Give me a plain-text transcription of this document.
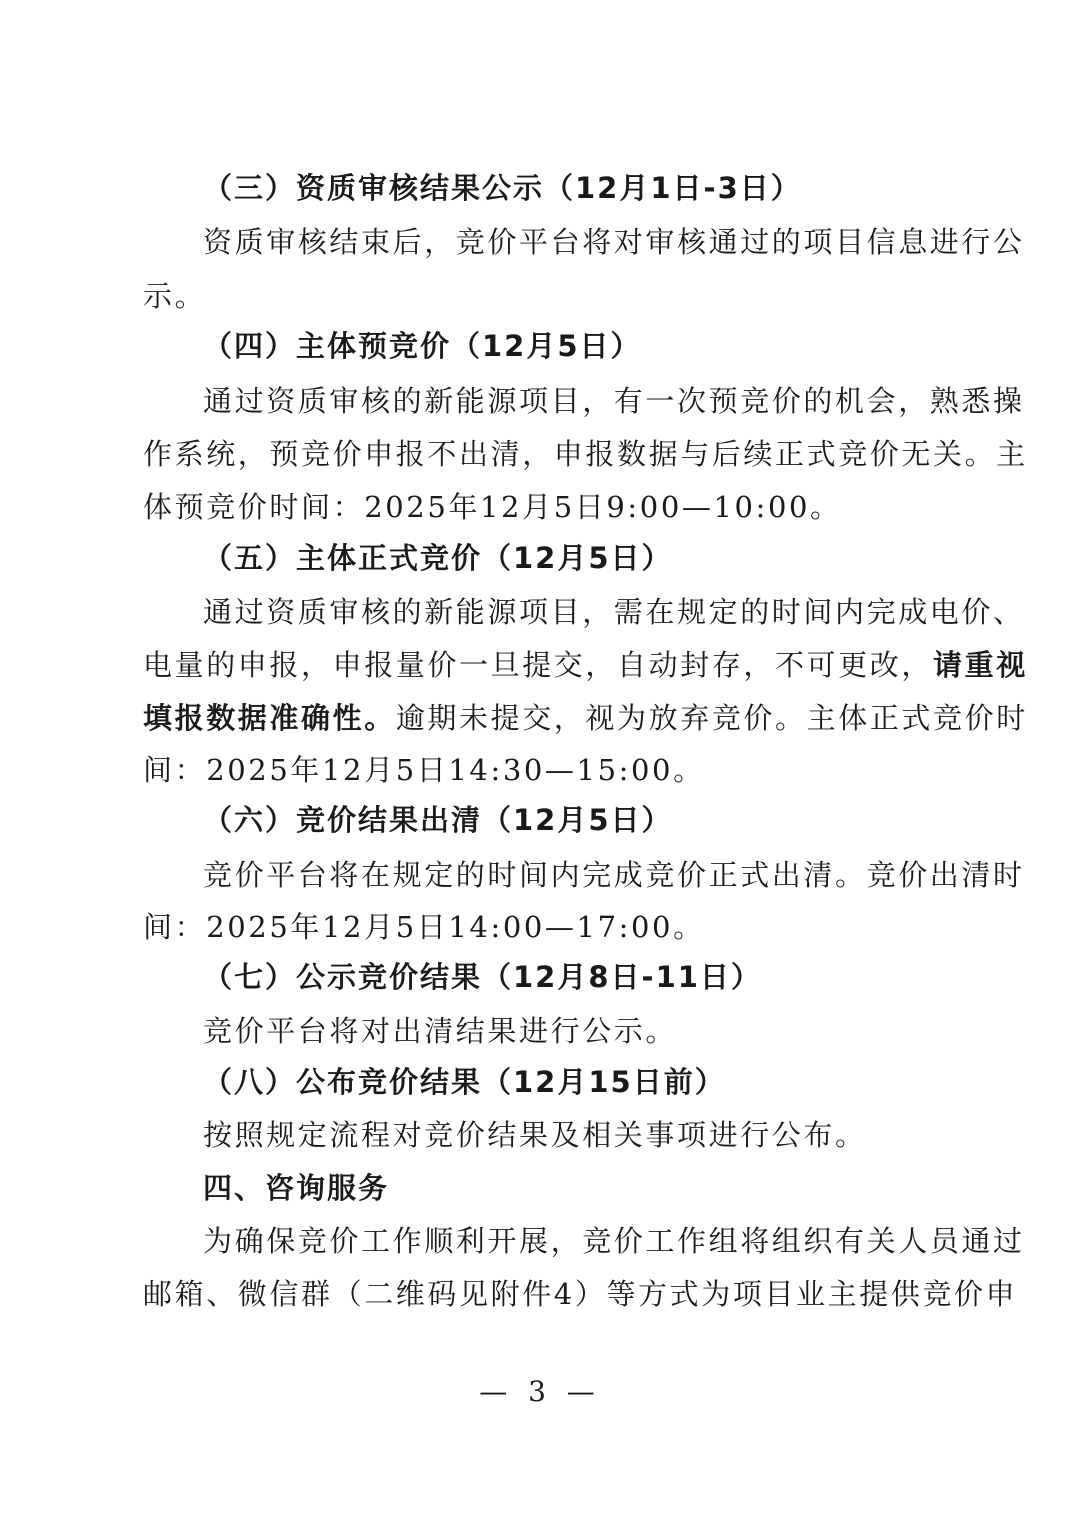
（三）资质审核结果公示（12月1日-3日）
资质审核结束后，竞价平台将对审核通过的项目信息进行公
示。
（四）主体预竞价（12月5日）
通过资质审核的新能源项目，有一次预竞价的机会，熟悉操
作系统，预竞价申报不出清，申报数据与后续正式竞价无关。主
体预竞价时间：2025年12月5日9:00—10:00。
（五）主体正式竞价（12月5日）
通过资质审核的新能源项目，需在规定的时间内完成电价、
电量的申报，申报量价一旦提交，自动封存，不可更改，请重视
填报数据准确性。逾期未提交，视为放弃竞价。主体正式竞价时
间：2025年12月5日14:30—15:00。
（六）竞价结果出清（12月5日）
竞价平台将在规定的时间内完成竞价正式出清。竞价出清时
间：2025年12月5日14:00—17:00。
（七）公示竞价结果（12月8日-11日）
竞价平台将对出清结果进行公示。
（八）公布竞价结果（12月15日前）
按照规定流程对竞价结果及相关事项进行公布。
四、咨询服务
为确保竞价工作顺利开展，竞价工作组将组织有关人员通过
邮箱、微信群（二维码见附件4）等方式为项目业主提供竞价申
— 3 —
